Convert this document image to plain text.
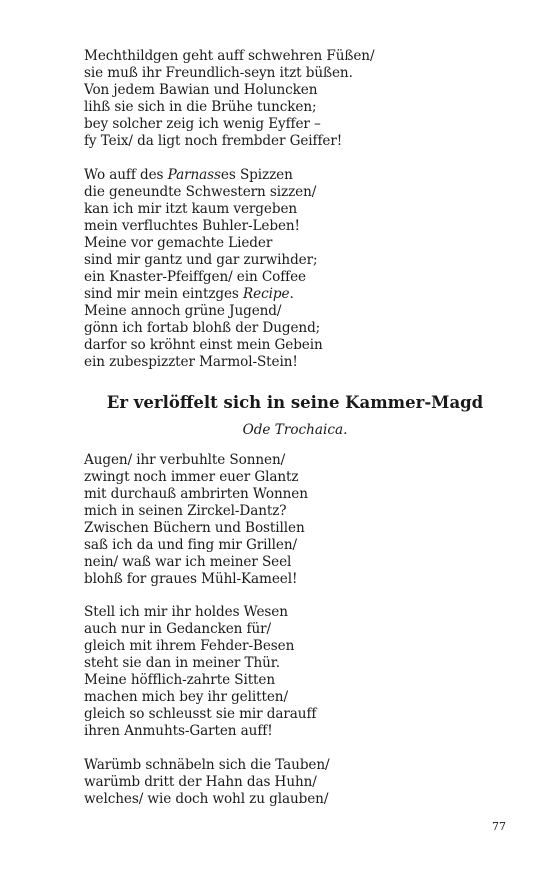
Mechthildgen geht auff schwehren Füßen/
sie muß ihr Freundlich-seyn itzt büßen.
Von jedem Bawian und Holuncken
lihß sie sich in die Brühe tuncken;
bey solcher zeig ich wenig Eyffer –
fy Teix/ da ligt noch frembder Geiffer!
Wo auff des Parnasses Spizzen
die geneundte Schwestern sizzen/
kan ich mir itzt kaum vergeben
mein verfluchtes Buhler-Leben!
Meine vor gemachte Lieder
sind mir gantz und gar zurwihder;
ein Knaster-Pfeiffgen/ ein Coffee
sind mir mein eintzges Recipe.
Meine annoch grüne Jugend/
gönn ich fortab blohß der Dugend;
darfor so kröhnt einst mein Gebein
ein zubespizzter Marmol-Stein!
Er verlöffelt sich in seine Kammer-Magd
Ode Trochaica.
Augen/ ihr verbuhlte Sonnen/
zwingt noch immer euer Glantz
mit durchauß ambrirten Wonnen
mich in seinen Zirckel-Dantz?
Zwischen Büchern und Bostillen
saß ich da und fing mir Grillen/
nein/ waß war ich meiner Seel
blohß for graues Mühl-Kameel!
Stell ich mir ihr holdes Wesen
auch nur in Gedancken für/
gleich mit ihrem Fehder-Besen
steht sie dan in meiner Thür.
Meine höfflich-zahrte Sitten
machen mich bey ihr gelitten/
gleich so schleusst sie mir darauff
ihren Anmuhts-Garten auff!
Warümb schnäbeln sich die Tauben/
warümb dritt der Hahn das Huhn/
welches/ wie doch wohl zu glauben/
77
